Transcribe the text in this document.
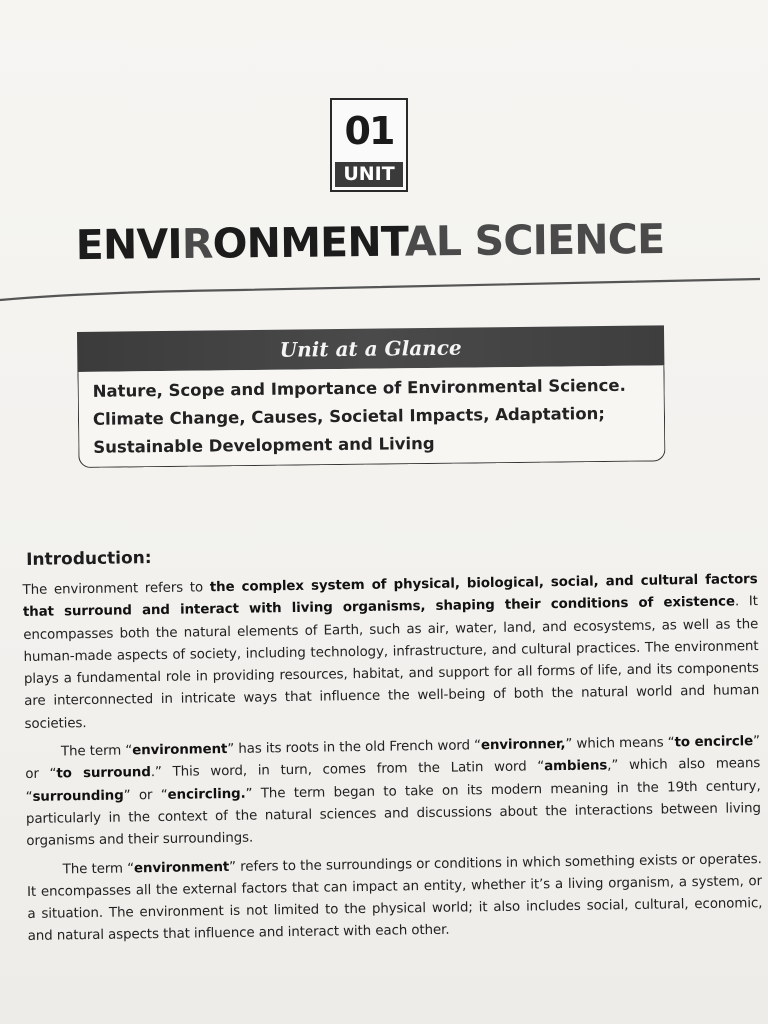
01
UNIT
ENVIRONMENTAL SCIENCE
Unit at a Glance
Nature, Scope and Importance of Environmental Science.
Climate Change, Causes, Societal Impacts, Adaptation;
Sustainable Development and Living
Introduction:

The environment refers to the complex system of physical, biological, social, and cultural factors that surround and interact with living organisms, shaping their conditions of existence. It encompasses both the natural elements of Earth, such as air, water, land, and ecosystems, as well as the human-made aspects of society, including technology, infrastructure, and cultural practices. The environment plays a fundamental role in providing resources, habitat, and support for all forms of life, and its components are interconnected in intricate ways that influence the well-being of both the natural world and human societies.

The term “environment” has its roots in the old French word “environner,” which means “to encircle” or “to surround.” This word, in turn, comes from the Latin word “ambiens,” which also means “surrounding” or “encircling.” The term began to take on its modern meaning in the 19th century, particularly in the context of the natural sciences and discussions about the interactions between living organisms and their surroundings.

The term “environment” refers to the surroundings or conditions in which something exists or operates. It encompasses all the external factors that can impact an entity, whether it’s a living organism, a system, or a situation. The environment is not limited to the physical world; it also includes social, cultural, economic, and natural aspects that influence and interact with each other.
